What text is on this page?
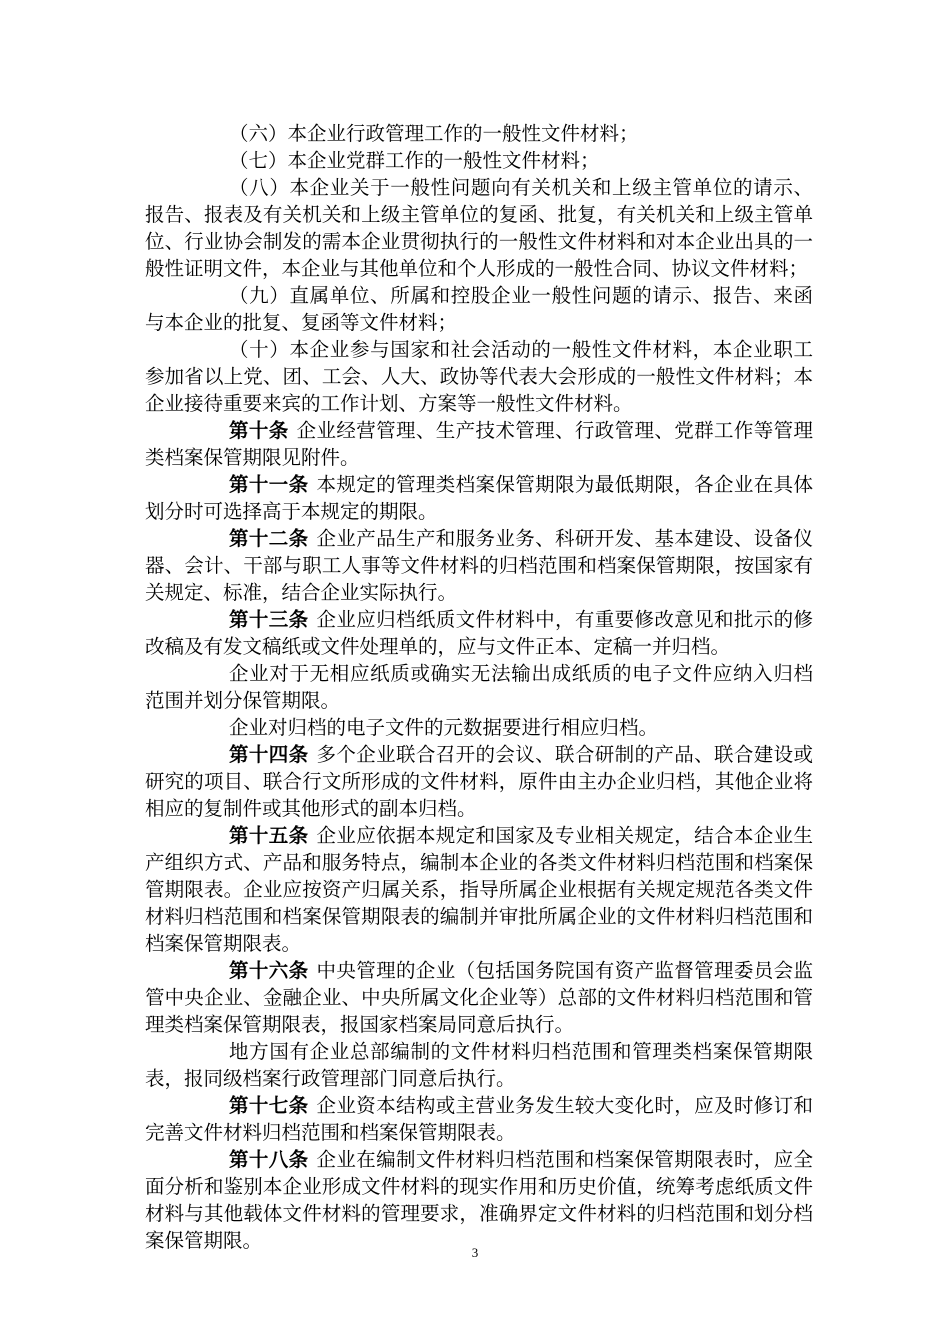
（六）本企业行政管理工作的一般性文件材料；

（七）本企业党群工作的一般性文件材料；

（八）本企业关于一般性问题向有关机关和上级主管单位的请示、报告、报表及有关机关和上级主管单位的复函、批复，有关机关和上级主管单位、行业协会制发的需本企业贯彻执行的一般性文件材料和对本企业出具的一般性证明文件，本企业与其他单位和个人形成的一般性合同、协议文件材料；

（九）直属单位、所属和控股企业一般性问题的请示、报告、来函与本企业的批复、复函等文件材料；

（十）本企业参与国家和社会活动的一般性文件材料，本企业职工参加省以上党、团、工会、人大、政协等代表大会形成的一般性文件材料；本企业接待重要来宾的工作计划、方案等一般性文件材料。

第十条 企业经营管理、生产技术管理、行政管理、党群工作等管理类档案保管期限见附件。

第十一条 本规定的管理类档案保管期限为最低期限，各企业在具体划分时可选择高于本规定的期限。

第十二条 企业产品生产和服务业务、科研开发、基本建设、设备仪器、会计、干部与职工人事等文件材料的归档范围和档案保管期限，按国家有关规定、标准，结合企业实际执行。

第十三条 企业应归档纸质文件材料中，有重要修改意见和批示的修改稿及有发文稿纸或文件处理单的，应与文件正本、定稿一并归档。

企业对于无相应纸质或确实无法输出成纸质的电子文件应纳入归档范围并划分保管期限。

企业对归档的电子文件的元数据要进行相应归档。

第十四条 多个企业联合召开的会议、联合研制的产品、联合建设或研究的项目、联合行文所形成的文件材料，原件由主办企业归档，其他企业将相应的复制件或其他形式的副本归档。

第十五条 企业应依据本规定和国家及专业相关规定，结合本企业生产组织方式、产品和服务特点，编制本企业的各类文件材料归档范围和档案保管期限表。企业应按资产归属关系，指导所属企业根据有关规定规范各类文件材料归档范围和档案保管期限表的编制并审批所属企业的文件材料归档范围和档案保管期限表。

第十六条 中央管理的企业（包括国务院国有资产监督管理委员会监管中央企业、金融企业、中央所属文化企业等）总部的文件材料归档范围和管理类档案保管期限表，报国家档案局同意后执行。

地方国有企业总部编制的文件材料归档范围和管理类档案保管期限表，报同级档案行政管理部门同意后执行。

第十七条 企业资本结构或主营业务发生较大变化时，应及时修订和完善文件材料归档范围和档案保管期限表。

第十八条 企业在编制文件材料归档范围和档案保管期限表时，应全面分析和鉴别本企业形成文件材料的现实作用和历史价值，统筹考虑纸质文件材料与其他载体文件材料的管理要求，准确界定文件材料的归档范围和划分档案保管期限。

3
